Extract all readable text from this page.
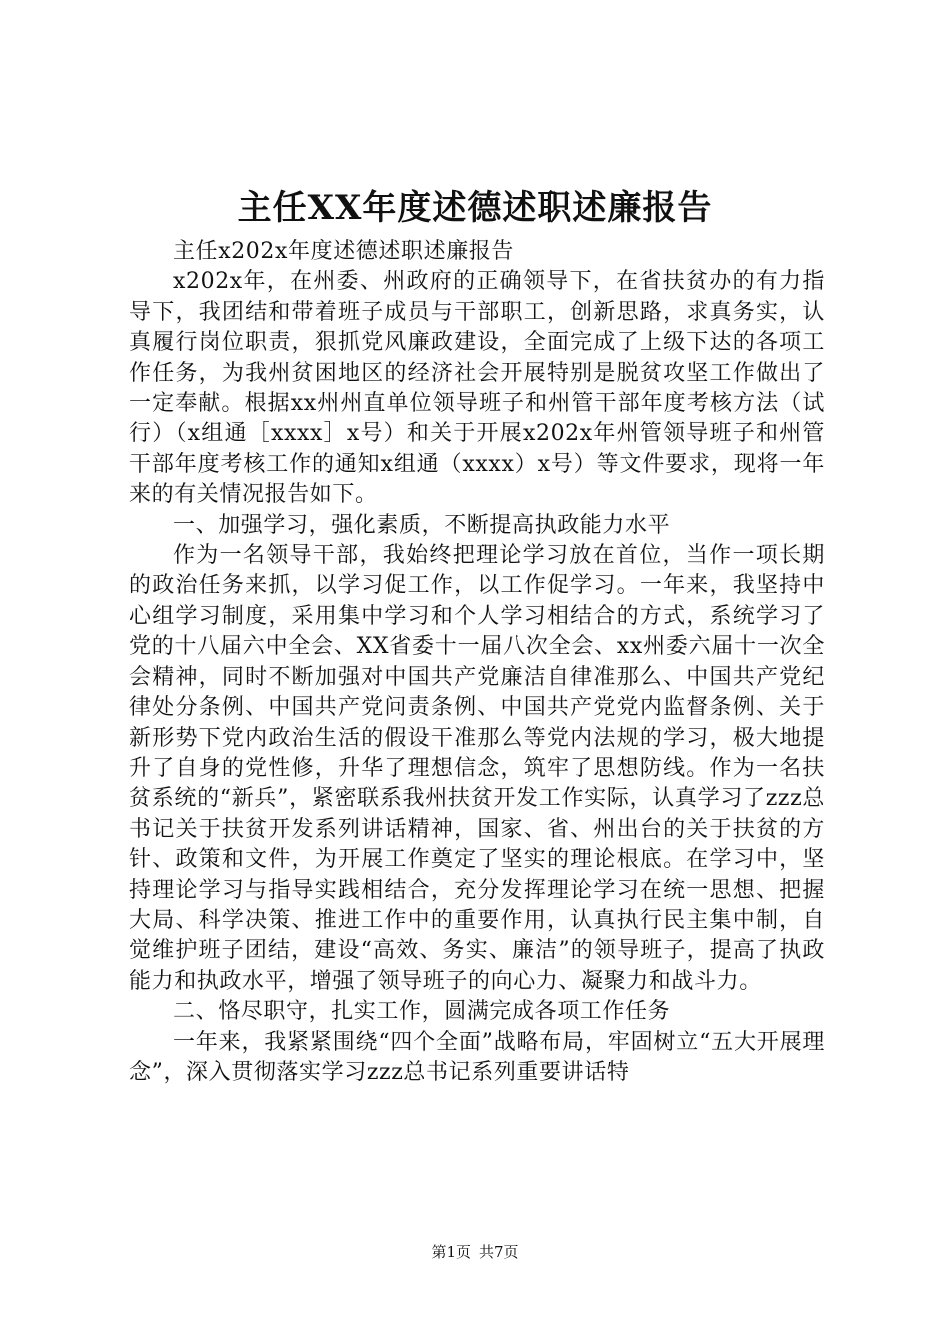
主任XX年度述德述职述廉报告

主任x202x年度述德述职述廉报告

x202x年，在州委、州政府的正确领导下，在省扶贫办的有力指导下，我团结和带着班子成员与干部职工，创新思路，求真务实，认真履行岗位职责，狠抓党风廉政建设，全面完成了上级下达的各项工作任务，为我州贫困地区的经济社会开展特别是脱贫攻坚工作做出了一定奉献。根据xx州州直单位领导班子和州管干部年度考核方法（试行）（x组通［xxxx］x号）和关于开展x202x年州管领导班子和州管干部年度考核工作的通知x组通（xxxx）x号）等文件要求，现将一年来的有关情况报告如下。

一、加强学习，强化素质，不断提高执政能力水平

作为一名领导干部，我始终把理论学习放在首位，当作一项长期的政治任务来抓，以学习促工作，以工作促学习。一年来，我坚持中心组学习制度，采用集中学习和个人学习相结合的方式，系统学习了党的十八届六中全会、XX省委十一届八次全会、xx州委六届十一次全会精神，同时不断加强对中国共产党廉洁自律准那么、中国共产党纪律处分条例、中国共产党问责条例、中国共产党党内监督条例、关于新形势下党内政治生活的假设干准那么等党内法规的学习，极大地提升了自身的党性修，升华了理想信念，筑牢了思想防线。作为一名扶贫系统的“新兵”，紧密联系我州扶贫开发工作实际，认真学习了zzz总书记关于扶贫开发系列讲话精神，国家、省、州出台的关于扶贫的方针、政策和文件，为开展工作奠定了坚实的理论根底。在学习中，坚持理论学习与指导实践相结合，充分发挥理论学习在统一思想、把握大局、科学决策、推进工作中的重要作用，认真执行民主集中制，自觉维护班子团结，建设“高效、务实、廉洁”的领导班子，提高了执政能力和执政水平，增强了领导班子的向心力、凝聚力和战斗力。

二、恪尽职守，扎实工作，圆满完成各项工作任务

一年来，我紧紧围绕“四个全面”战略布局，牢固树立“五大开展理念”，深入贯彻落实学习zzz总书记系列重要讲话特

第1页 共7页
